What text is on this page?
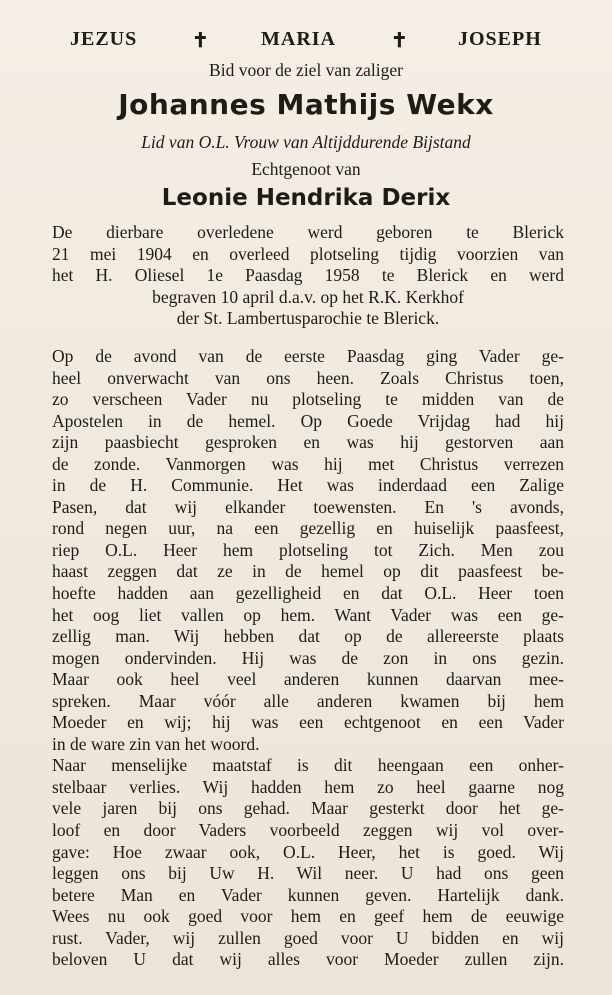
JEZUS	✝	MARIA	✝ JOSEPH
Bid voor de ziel van zaliger
Johannes Mathijs Wekx
Lid van O.L. Vrouw van Altijddurende Bijstand
Echtgenoot van
Leonie Hendrika Derix
De dierbare overledene werd geboren te Blerick
21 mei 1904 en overleed plotseling tijdig voorzien van
het H. Oliesel 1e Paasdag 1958 te Blerick en werd
begraven 10 april d.a.v. op het R.K. Kerkhof
der St. Lambertusparochie te Blerick.
Op de avond van de eerste Paasdag ging Vader ge-
heel onverwacht van ons heen. Zoals Christus toen,
zo verscheen Vader nu plotseling te midden van de
Apostelen in de hemel. Op Goede Vrijdag had hij
zijn paasbiecht gesproken en was hij gestorven aan
de zonde. Vanmorgen was hij met Christus verrezen
in de H. Communie. Het was inderdaad een Zalige
Pasen, dat wij elkander toewensten. En 's avonds,
rond negen uur, na een gezellig en huiselijk paasfeest,
riep O.L. Heer hem plotseling tot Zich. Men zou
haast zeggen dat ze in de hemel op dit paasfeest be-
hoefte hadden aan gezelligheid en dat O.L. Heer toen
het oog liet vallen op hem. Want Vader was een ge-
zellig man. Wij hebben dat op de allereerste plaats
mogen ondervinden. Hij was de zon in ons gezin.
Maar ook heel veel anderen kunnen daarvan mee-
spreken. Maar vóór alle anderen kwamen bij hem
Moeder en wij; hij was een echtgenoot en een Vader
in de ware zin van het woord.
Naar menselijke maatstaf is dit heengaan een onher-
stelbaar verlies. Wij hadden hem zo heel gaarne nog
vele jaren bij ons gehad. Maar gesterkt door het ge-
loof en door Vaders voorbeeld zeggen wij vol over-
gave: Hoe zwaar ook, O.L. Heer, het is goed. Wij
leggen ons bij Uw H. Wil neer. U had ons geen
betere Man en Vader kunnen geven. Hartelijk dank.
Wees nu ook goed voor hem en geef hem de eeuwige
rust. Vader, wij zullen goed voor U bidden en wij
beloven U dat wij alles voor Moeder zullen zijn.
